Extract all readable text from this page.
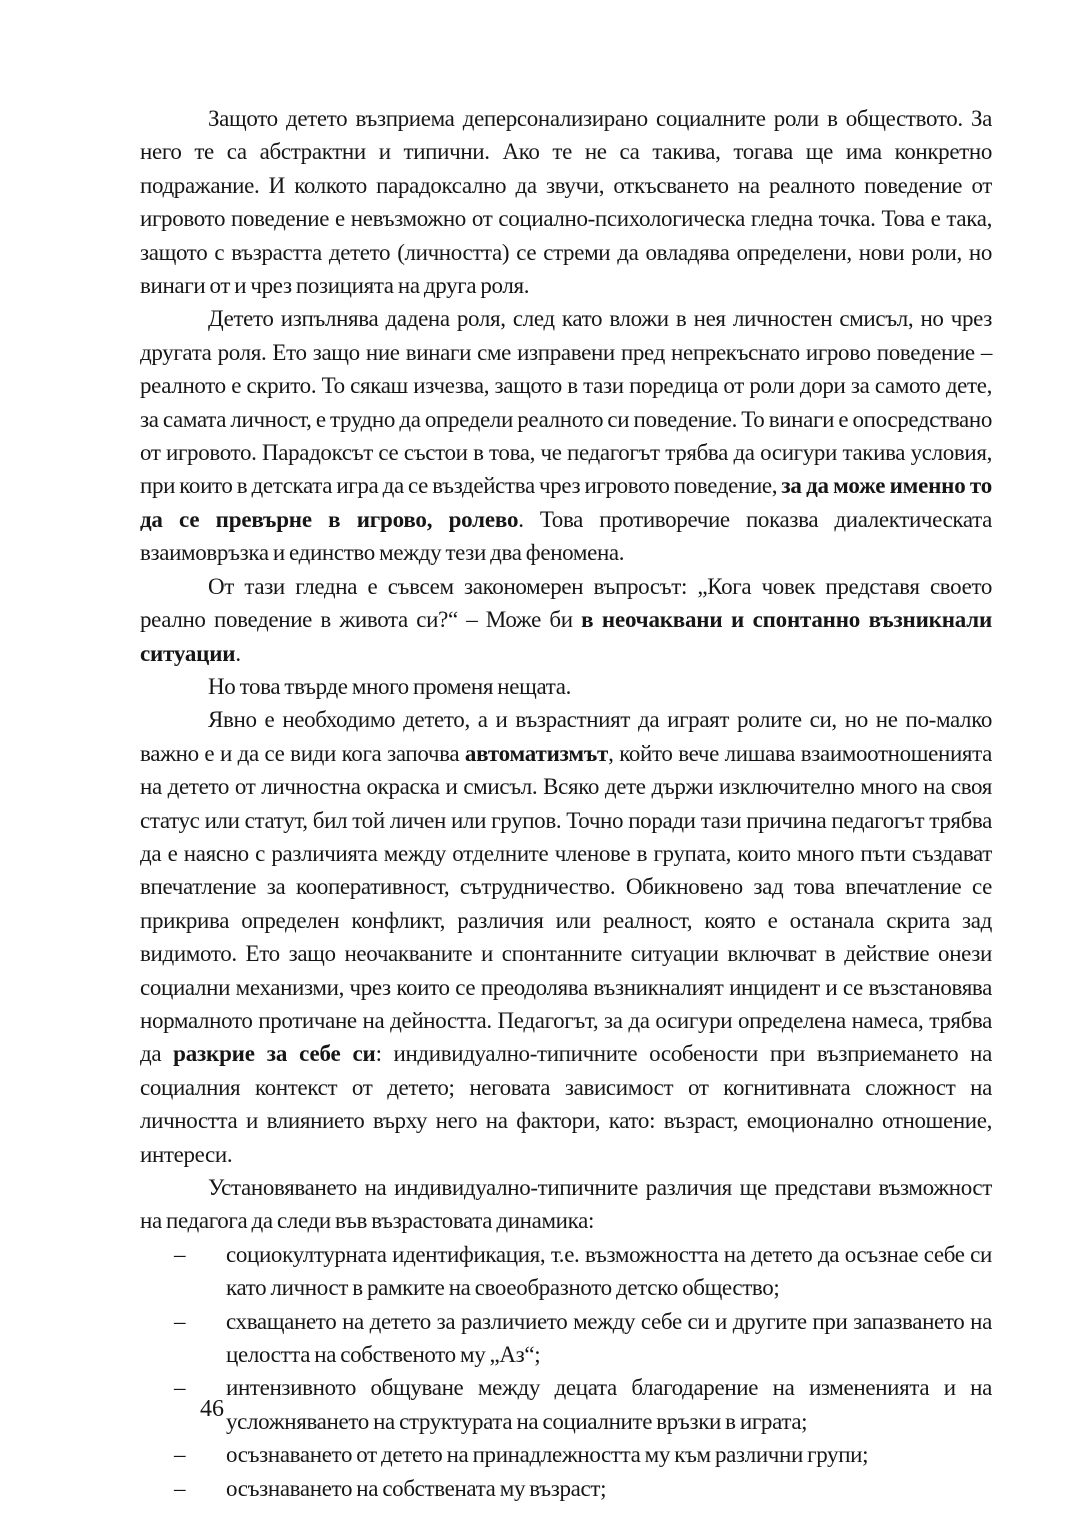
Защото детето възприема деперсонализирано социалните роли в обществото. За него те са абстрактни и типични. Ако те не са такива, тогава ще има конкретно подражание. И колкото парадоксално да звучи, откъсването на реалното поведение от игровото поведение е невъзможно от социално-психологическа гледна точка. Това е така, защото с възрастта детето (личността) се стреми да овладява определени, нови роли, но винаги от и чрез позицията на друга роля.

Детето изпълнява дадена роля, след като вложи в нея личностен смисъл, но чрез другата роля. Ето защо ние винаги сме изправени пред непрекъснато игрово поведение – реалното е скрито. То сякаш изчезва, защото в тази поредица от роли дори за самото дете, за самата личност, е трудно да определи реалното си поведение. То винаги е опосредствано от игровото. Парадоксът се състои в това, че педагогът трябва да осигури такива условия, при които в детската игра да се въздейства чрез игровото поведение, за да може именно то да се превърне в игрово, ролево. Това противоречие показва диалектическата взаимовръзка и единство между тези два феномена.

От тази гледна е съвсем закономерен въпросът: „Кога човек представя своето реално поведение в живота си?“ – Може би в неочаквани и спонтанно възникнали ситуации.

Но това твърде много променя нещата.

Явно е необходимо детето, а и възрастният да играят ролите си, но не по-малко важно е и да се види кога започва автоматизмът, който вече лишава взаимоотношенията на детето от личностна окраска и смисъл. Всяко дете държи изключително много на своя статус или статут, бил той личен или групов. Точно поради тази причина педагогът трябва да е наясно с различията между отделните членове в групата, които много пъти създават впечатление за кооперативност, сътрудничество. Обикновено зад това впечатление се прикрива определен конфликт, различия или реалност, която е останала скрита зад видимото. Ето защо неочакваните и спонтанните ситуации включват в действие онези социални механизми, чрез които се преодолява възникналият инцидент и се възстановява нормалното протичане на дейността. Педагогът, за да осигури определена намеса, трябва да разкрие за себе си: индивидуално-типичните особености при възприемането на социалния контекст от детето; неговата зависимост от когнитивната сложност на личността и влиянието върху него на фактори, като: възраст, емоционално отношение, интереси.

Установяването на индивидуално-типичните различия ще представи възможност на педагога да следи във възрастовата динамика:

– социокултурната идентификация, т.е. възможността на детето да осъзнае себе си като личност в рамките на своеобразното детско общество;

– схващането на детето за различието между себе си и другите при запазването на целостта на собственото му „Аз“;

– интензивното общуване между децата благодарение на измененията и на усложняването на структурата на социалните връзки в играта;

– осъзнаването от детето на принадлежността му към различни групи;

– осъзнаването на собствената му възраст;

46
